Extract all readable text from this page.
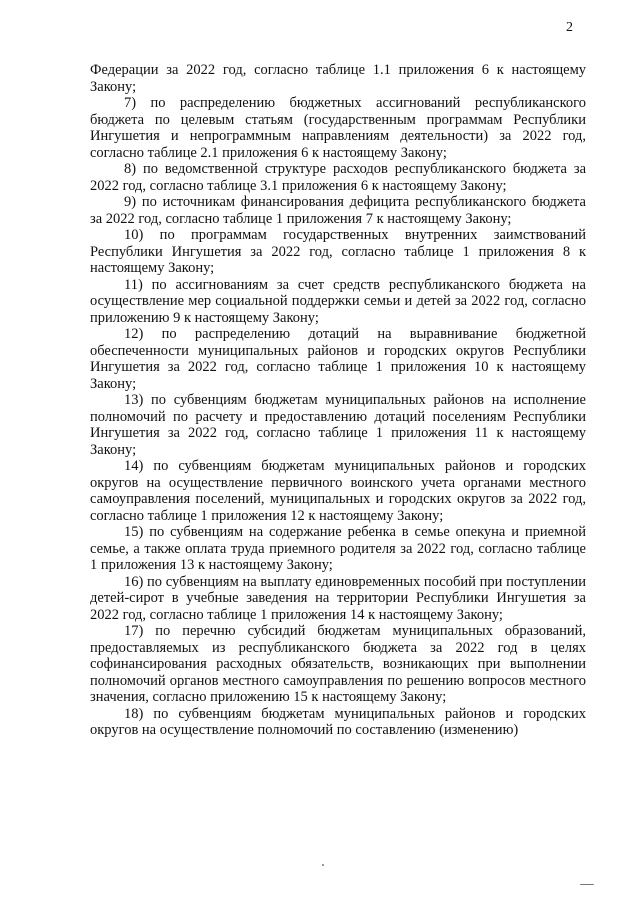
2

Федерации за 2022 год, согласно таблице 1.1 приложения 6 к настоящему Закону;

7) по распределению бюджетных ассигнований республиканского бюджета по целевым статьям (государственным программам Республики Ингушетия и непрограммным направлениям деятельности) за 2022 год, согласно таблице 2.1 приложения 6 к настоящему Закону;

8) по ведомственной структуре расходов республиканского бюджета за 2022 год, согласно таблице 3.1 приложения 6 к настоящему Закону;

9) по источникам финансирования дефицита республиканского бюджета за 2022 год, согласно таблице 1 приложения 7 к настоящему Закону;

10) по программам государственных внутренних заимствований Республики Ингушетия за 2022 год, согласно таблице 1 приложения 8 к настоящему Закону;

11) по ассигнованиям за счет средств республиканского бюджета на осуществление мер социальной поддержки семьи и детей за 2022 год, согласно приложению 9 к настоящему Закону;

12) по распределению дотаций на выравнивание бюджетной обеспеченности муниципальных районов и городских округов Республики Ингушетия за 2022 год, согласно таблице 1 приложения 10 к настоящему Закону;

13) по субвенциям бюджетам муниципальных районов на исполнение полномочий по расчету и предоставлению дотаций поселениям Республики Ингушетия за 2022 год, согласно таблице 1 приложения 11 к настоящему Закону;

14) по субвенциям бюджетам муниципальных районов и городских округов на осуществление первичного воинского учета органами местного самоуправления поселений, муниципальных и городских округов за 2022 год, согласно таблице 1 приложения 12 к настоящему Закону;

15) по субвенциям на содержание ребенка в семье опекуна и приемной семье, а также оплата труда приемного родителя за 2022 год, согласно таблице 1 приложения 13 к настоящему Закону;

16) по субвенциям на выплату единовременных пособий при поступлении детей-сирот в учебные заведения на территории Республики Ингушетия за 2022 год, согласно таблице 1 приложения 14 к настоящему Закону;

17) по перечню субсидий бюджетам муниципальных образований, предоставляемых из республиканского бюджета за 2022 год в целях софинансирования расходных обязательств, возникающих при выполнении полномочий органов местного самоуправления по решению вопросов местного значения, согласно приложению 15 к настоящему Закону;

18) по субвенциям бюджетам муниципальных районов и городских округов на осуществление полномочий по составлению (изменению)
